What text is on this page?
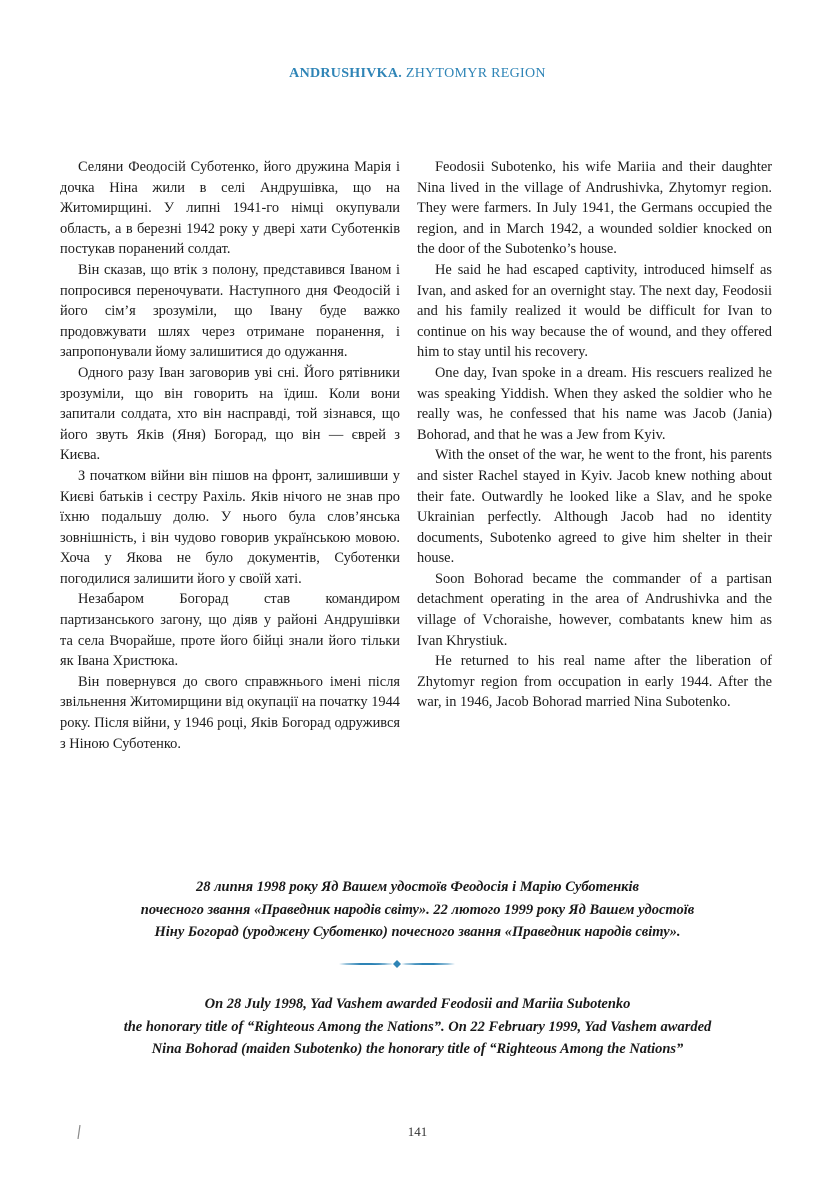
ANDRUSHIVKA. ZHYTOMYR REGION

Селяни Феодосій Суботенко, його дружина Марія і дочка Ніна жили в селі Андрушівка, що на Житомирщині. У липні 1941-го німці окупували область, а в березні 1942 року у двері хати Суботенків постукав поранений солдат.

Він сказав, що втік з полону, представився Іваном і попросився переночувати. Наступного дня Феодосій і його сім’я зрозуміли, що Івану буде важко продовжувати шлях через отримане поранення, і запропонували йому залишитися до одужання.

Одного разу Іван заговорив уві сні. Його рятівники зрозуміли, що він говорить на їдиш. Коли вони запитали солдата, хто він насправді, той зізнався, що його звуть Яків (Яня) Богорад, що він — єврей з Києва.

З початком війни він пішов на фронт, залишивши у Києві батьків і сестру Рахіль. Яків нічого не знав про їхню подальшу долю. У нього була слов’янська зовнішність, і він чудово говорив українською мовою. Хоча у Якова не було документів, Суботенки погодилися залишити його у своїй хаті.

Незабаром Богорад став командиром партизанського загону, що діяв у районі Андрушівки та села Вчорайше, проте його бійці знали його тільки як Івана Христюка.

Він повернувся до свого справжнього імені після звільнення Житомирщини від окупації на початку 1944 року. Після війни, у 1946 році, Яків Богорад одружився з Ніною Суботенко.

Feodosii Subotenko, his wife Mariia and their daughter Nina lived in the village of Andrushivka, Zhytomyr region. They were farmers. In July 1941, the Germans occupied the region, and in March 1942, a wounded soldier knocked on the door of the Subotenko’s house.

He said he had escaped captivity, introduced himself as Ivan, and asked for an overnight stay. The next day, Feodosii and his family realized it would be difficult for Ivan to continue on his way because the of wound, and they offered him to stay until his recovery.

One day, Ivan spoke in a dream. His rescuers realized he was speaking Yiddish. When they asked the soldier who he really was, he confessed that his name was Jacob (Jania) Bohorad, and that he was a Jew from Kyiv.

With the onset of the war, he went to the front, his parents and sister Rachel stayed in Kyiv. Jacob knew nothing about their fate. Outwardly he looked like a Slav, and he spoke Ukrainian perfectly. Although Jacob had no identity documents, Subotenko agreed to give him shelter in their house.

Soon Bohorad became the commander of a partisan detachment operating in the area of Andrushivka and the village of Vchoraishe, however, combatants knew him as Ivan Khrystiuk.

He returned to his real name after the liberation of Zhytomyr region from occupation in early 1944. After the war, in 1946, Jacob Bohorad married Nina Subotenko.

28 липня 1998 року Яд Вашем удостоїв Феодосія і Марію Суботенків
почесного звання «Праведник народів світу». 22 лютого 1999 року Яд Вашем удостоїв
Ніну Богорад (уроджену Суботенко) почесного звання «Праведник народів світу».
On 28 July 1998, Yad Vashem awarded Feodosii and Mariia Subotenko
the honorary title of “Righteous Among the Nations”. On 22 February 1999, Yad Vashem awarded
Nina Bohorad (maiden Subotenko) the honorary title of “Righteous Among the Nations”
141
